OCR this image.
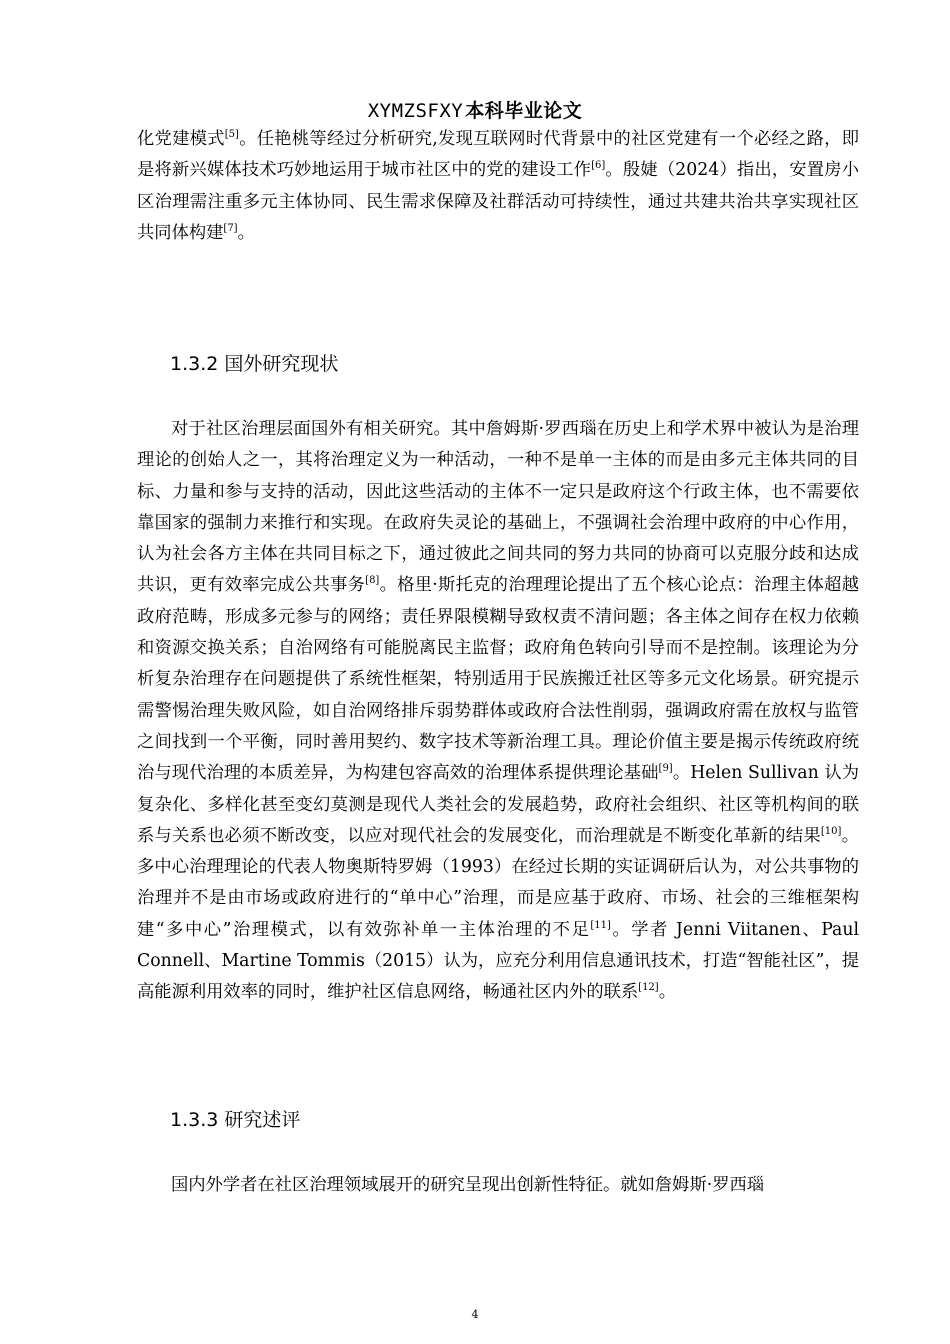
XYMZSFXY 本科毕业论文

化党建模式[5]。任艳桃等经过分析研究,发现互联网时代背景中的社区党建有一个必经之路，即是将新兴媒体技术巧妙地运用于城市社区中的党的建设工作[6]。殷婕（2024）指出，安置房小区治理需注重多元主体协同、民生需求保障及社群活动可持续性，通过共建共治共享实现社区共同体构建[7]。

1.3.2 国外研究现状

对于社区治理层面国外有相关研究。其中詹姆斯·罗西瑙在历史上和学术界中被认为是治理理论的创始人之一，其将治理定义为一种活动，一种不是单一主体的而是由多元主体共同的目标、力量和参与支持的活动，因此这些活动的主体不一定只是政府这个行政主体，也不需要依靠国家的强制力来推行和实现。在政府失灵论的基础上，不强调社会治理中政府的中心作用，认为社会各方主体在共同目标之下，通过彼此之间共同的努力共同的协商可以克服分歧和达成共识，更有效率完成公共事务[8]。格里·斯托克的治理理论提出了五个核心论点：治理主体超越政府范畴，形成多元参与的网络；责任界限模糊导致权责不清问题；各主体之间存在权力依赖和资源交换关系；自治网络有可能脱离民主监督；政府角色转向引导而不是控制。该理论为分析复杂治理存在问题提供了系统性框架，特别适用于民族搬迁社区等多元文化场景。研究提示需警惕治理失败风险，如自治网络排斥弱势群体或政府合法性削弱，强调政府需在放权与监管之间找到一个平衡，同时善用契约、数字技术等新治理工具。理论价值主要是揭示传统政府统治与现代治理的本质差异，为构建包容高效的治理体系提供理论基础[9]。Helen Sullivan 认为复杂化、多样化甚至变幻莫测是现代人类社会的发展趋势，政府社会组织、社区等机构间的联系与关系也必须不断改变，以应对现代社会的发展变化，而治理就是不断变化革新的结果[10]。多中心治理理论的代表人物奥斯特罗姆（1993）在经过长期的实证调研后认为，对公共事物的治理并不是由市场或政府进行的“单中心”治理，而是应基于政府、市场、社会的三维框架构建“多中心”治理模式，以有效弥补单一主体治理的不足[11]。学者 Jenni Viitanen、Paul Connell、Martine Tommis（2015）认为，应充分利用信息通讯技术，打造“智能社区”，提高能源利用效率的同时，维护社区信息网络，畅通社区内外的联系[12]。

1.3.3 研究述评

国内外学者在社区治理领域展开的研究呈现出创新性特征。就如詹姆斯·罗西瑙

4
